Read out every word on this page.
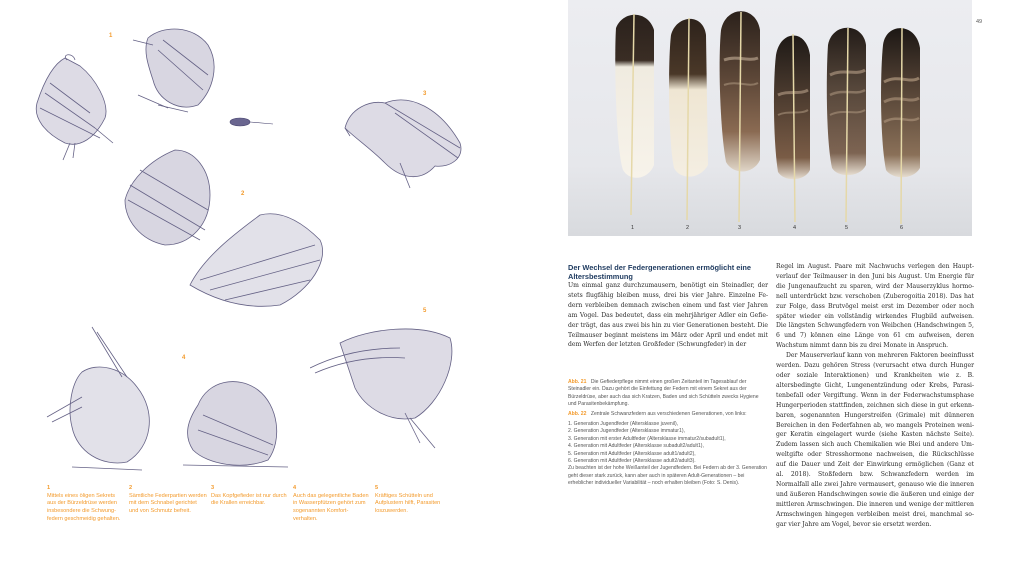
1
2
3
4
5
1
Mittels eines öligen Sekrets aus der Bürzeldrüse werden insbesondere die Schwungfedern geschmeidig gehalten.
2
Sämtliche Federpartien werden mit dem Schnabel gerichtet und von Schmutz befreit.
3
Das Kopfgefieder ist nur durch die Krallen erreichbar.
4
Auch das gelegentliche Baden in Wasserpfützen gehört zum sogenannten Komfortverhalten.
5
Kräftiges Schütteln und Aufplustern hilft, Parasiten loszuwerden.
1	2	3	4	5	6
49
Der Wechsel der Federgenerationen ermöglicht eine Altersbestimmung

Um einmal ganz durchzumausern, benötigt ein Steinadler, der stets flugfähig bleiben muss, drei bis vier Jahre. Einzelne Federn verbleiben demnach zwischen einem und fast vier Jahren am Vogel. Das bedeutet, dass ein mehrjähriger Adler ein Gefieder trägt, das aus zwei bis hin zu vier Generationen besteht. Die Teilmauser beginnt meistens im März oder April und endet mit dem Werfen der letzten Großfeder (Schwungfeder) in der

Abb. 21 Die Gefiederpflege nimmt einen großen Zeitanteil im Tagesablauf der Steinadler ein. Dazu gehört die Einfettung der Federn mit einem Sekret aus der Bürzeldrüse, aber auch das sich Kratzen, Baden und sich Schütteln zwecks Hygiene und Parasitenbekämpfung.

Abb. 22 Zentrale Schwanzfedern aus verschiedenen Generationen, von links:

1. Generation Jugendfeder (Altersklasse juvenil),
2. Generation Jugendfeder (Altersklasse immatur1),
3. Generation mit erster Adultfeder (Altersklasse immatur2/subadult1),
4. Generation mit Adultfeder (Altersklasse subadult2/adult1),
5. Generation mit Adultfeder (Altersklasse adult1/adult2),
6. Generation mit Adultfeder (Altersklasse adult2/adult3).

Zu beachten ist der hohe Weißanteil der Jugendfedern. Bei Federn ab der 3. Generation geht dieser stark zurück, kann aber auch in späteren Adult-Generationen – bei erheblicher individueller Variabilität – noch erhalten bleiben (Foto: S. Denis).

Regel im August. Paare mit Nachwuchs verlegen den Hauptverlauf der Teilmauser in den Juni bis August. Um Energie für die Jungenaufzucht zu sparen, wird der Mauserzyklus hormonell unterdrückt bzw. verschoben (Zuberogoitia 2018). Das hat zur Folge, dass Brutvögel meist erst im Dezember oder noch später wieder ein vollständig wirkendes Flugbild aufweisen. Die längsten Schwungfedern von Weibchen (Handschwingen 5, 6 und 7) können eine Länge von 61 cm aufweisen, deren Wachstum nimmt dann bis zu drei Monate in Anspruch.

Der Mauserverlauf kann von mehreren Faktoren beeinflusst werden. Dazu gehören Stress (verursacht etwa durch Hunger oder soziale Interaktionen) und Krankheiten wie z. B. altersbedingte Gicht, Lungenentzündung oder Krebs, Parasitenbefall oder Vergiftung. Wenn in der Federwachstumsphase Hungerperioden stattfinden, zeichnen sich diese in gut erkennbaren, sogenannten Hungerstreifen (Grimale) mit dünneren Bereichen in den Federfahnen ab, wo mangels Proteinen weniger Keratin eingelagert wurde (siehe Kasten nächste Seite). Zudem lassen sich auch Chemikalien wie Blei und andere Umweltgifte oder Stresshormone nachweisen, die Rückschlüsse auf die Dauer und Zeit der Einwirkung ermöglichen (Ganz et al. 2018). Stoßfedern bzw. Schwanzfedern werden im Normalfall alle zwei Jahre vermausert, genauso wie die inneren und äußeren Handschwingen sowie die äußeren und einige der mittleren Armschwingen. Die inneren und wenige der mittleren Armschwingen hingegen verbleiben meist drei, manchmal sogar vier Jahre am Vogel, bevor sie ersetzt werden.
